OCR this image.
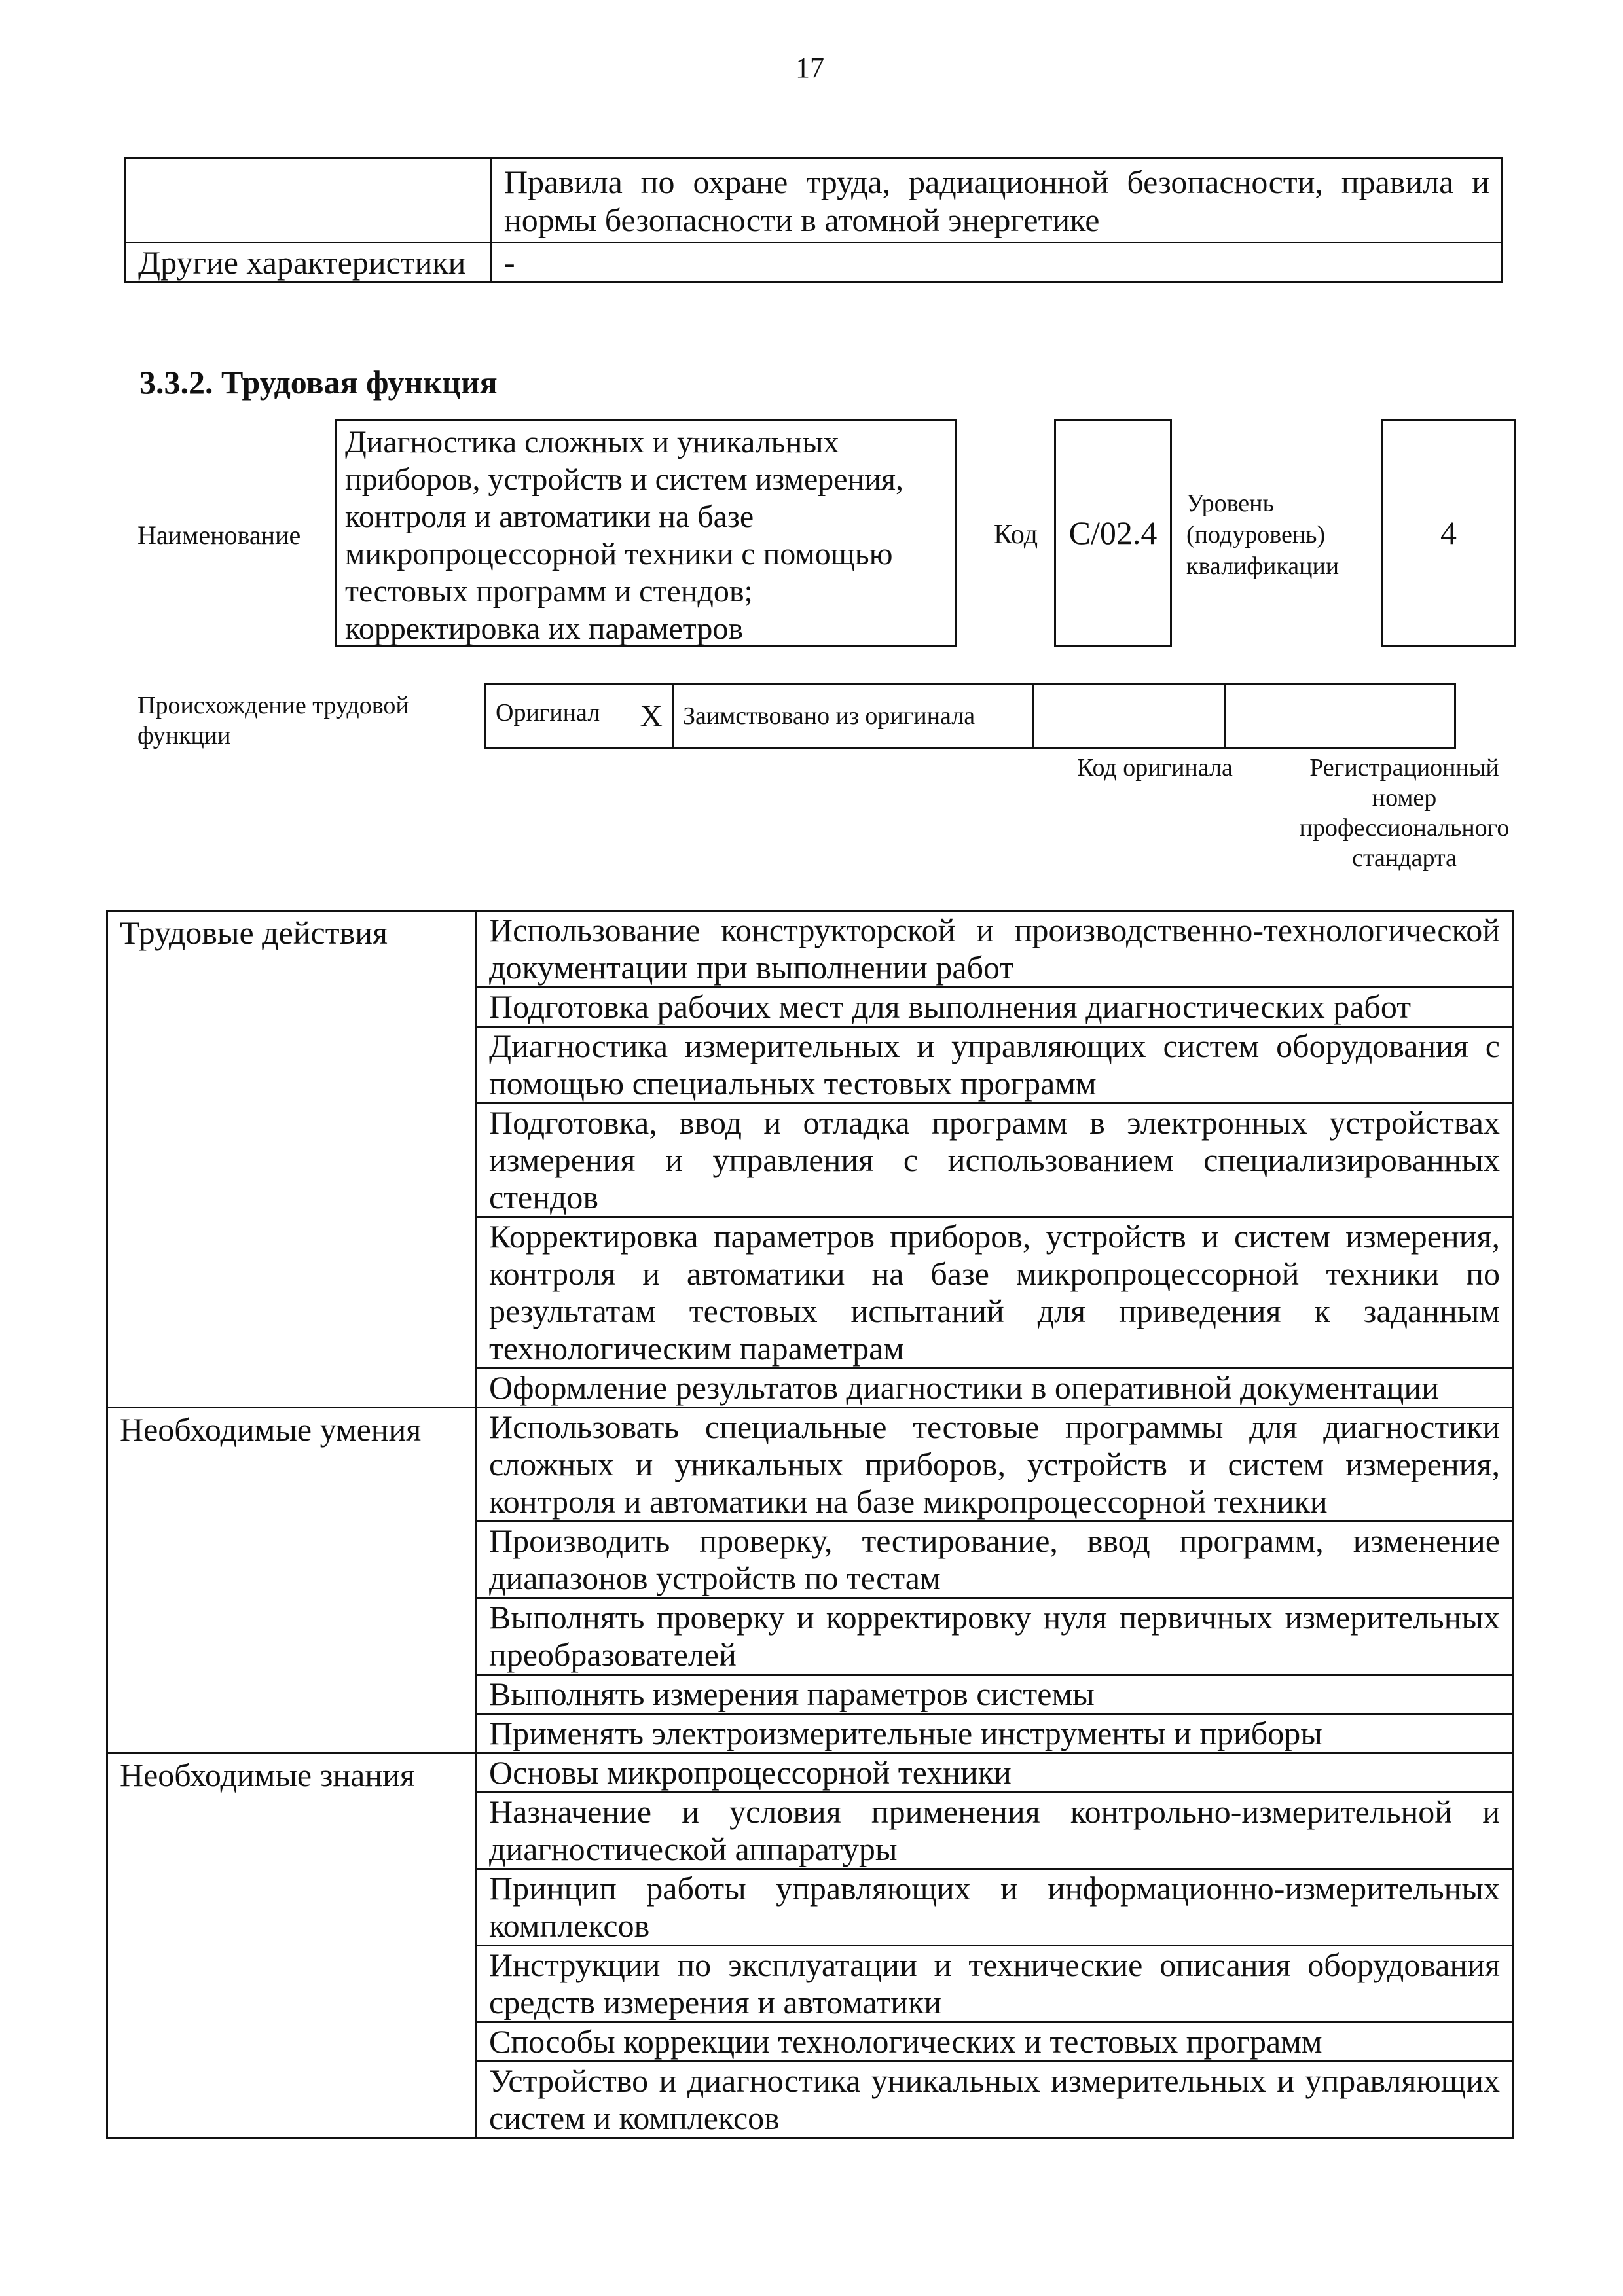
17
	Правила по охране труда, радиационной безопасности, правила и нормы безопасности в атомной энергетике
Другие характеристики	-
3.3.2. Трудовая функция
Наименование
Диагностика сложных и уникальных приборов, устройств и систем измерения, контроля и автоматики на базе микропроцессорной техники с помощью тестовых программ и стендов; корректировка их параметров
Код С/02.4
Уровень (подуровень) квалификации
4
Происхождение трудовой функции
Оригинал X	Заимствовано из оригинала		
Код оригинала	Регистрационный номер профессионального стандарта
Трудовые действия	Использование конструкторской и производственно-технологической документации при выполнении работ
	Подготовка рабочих мест для выполнения диагностических работ
	Диагностика измерительных и управляющих систем оборудования с помощью специальных тестовых программ
	Подготовка, ввод и отладка программ в электронных устройствах измерения и управления с использованием специализированных стендов
	Корректировка параметров приборов, устройств и систем измерения, контроля и автоматики на базе микропроцессорной техники по результатам тестовых испытаний для приведения к заданным технологическим параметрам
	Оформление результатов диагностики в оперативной документации
Необходимые умения	Использовать специальные тестовые программы для диагностики сложных и уникальных приборов, устройств и систем измерения, контроля и автоматики на базе микропроцессорной техники
	Производить проверку, тестирование, ввод программ, изменение диапазонов устройств по тестам
	Выполнять проверку и корректировку нуля первичных измерительных преобразователей
	Выполнять измерения параметров системы
	Применять электроизмерительные инструменты и приборы
Необходимые знания	Основы микропроцессорной техники
	Назначение и условия применения контрольно-измерительной и диагностической аппаратуры
	Принцип работы управляющих и информационно-измерительных комплексов
	Инструкции по эксплуатации и технические описания оборудования средств измерения и автоматики
	Способы коррекции технологических и тестовых программ
	Устройство и диагностика уникальных измерительных и управляющих систем и комплексов
